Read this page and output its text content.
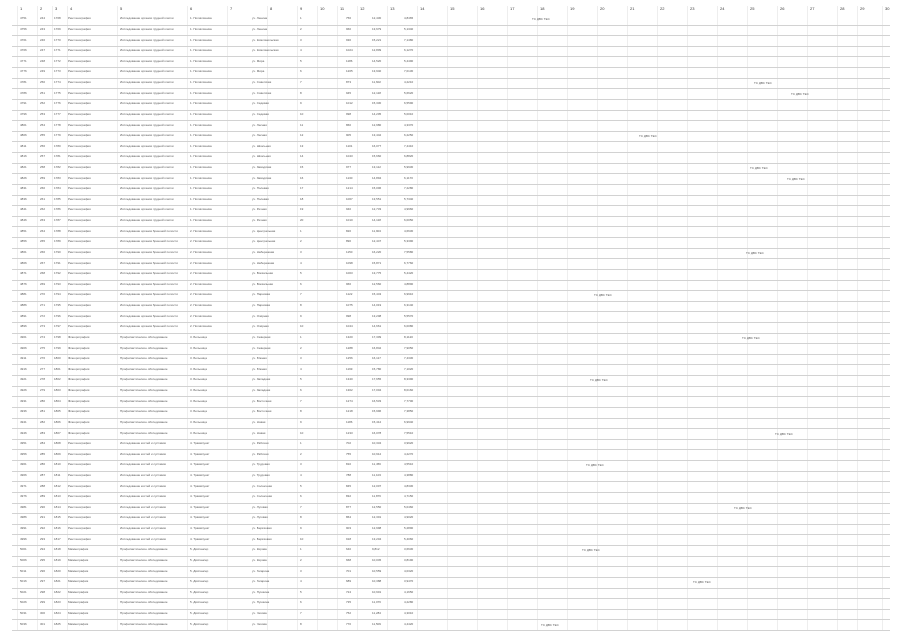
1	2	3	4	5	6	7	8	9	10	11	12	13	14	15	16	17	18	19	20	21	22	23	24	25	26	27	28	29	30
4751	244	1768 Рентгенография	Исследование органов грудной клетки	1. Поликлиника	уч. Ленина	1	756	12,430	4,8465	ТС ДВС ТЕС
4756	243	1769 Рентгенография	Исследование органов грудной клетки	1. Поликлиника	уч. Ленина	2	960	13,679	5,1340
4761	246	1770 Рентгенография	Исследование органов грудной клетки	1. Поликлиника	уч. Комсомольская	3	930	15,221	7,1480
4766	247	1771 Рентгенография	Исследование органов грудной клетки	1. Поликлиника	уч. Комсомольская	4	1024	12,809	6,1270
4771	248	1772 Рентгенография	Исследование органов грудной клетки	1. Поликлиника	уч. Мира	5	1186	14,520	5,4490
4776	249	1773 Рентгенография	Исследование органов грудной клетки	1. Поликлиника	уч. Мира	6	1205	13,940	7,0130
4781	250	1774 Рентгенография	Исследование органов грудной клетки	1. Поликлиника	уч. Советская	7	873	11,602	4,2210	ТС ДВС ТЕС
4786	251	1775 Рентгенография	Исследование органов грудной клетки	1. Поликлиника	уч. Советская	8	945	12,118	5,6620	ТС ДВС ТЕС
4791	252	1776 Рентгенография	Исследование органов грудной клетки	1. Поликлиника	уч. Садовая	9	1012	15,330	6,5590
4796	253	1777 Рентгенография	Исследование органов грудной клетки	1. Поликлиника	уч. Садовая	10	998	14,205	5,0010
4801	254	1778 Рентгенография	Исследование органов грудной клетки	1. Поликлиника	уч. Лесная	11	860	12,980	4,3370
4806	255	1779 Рентгенография	Исследование органов грудной клетки	1. Поликлиника	уч. Лесная	12	905	13,442	6,2250	ТС ДВС ТЕС
4811	256	1780 Рентгенография	Исследование органов грудной клетки	1. Поликлиника	уч. Школьная	13	1101	16,077	7,4410
4816	257	1781 Рентгенография	Исследование органов грудной клетки	1. Поликлиника	уч. Школьная	14	1043	15,660	6,8820
4821	258	1782 Рентгенография	Исследование органов грудной клетки	1. Поликлиника	уч. Заводская	15	977	13,112	5,9930	ТС ДВС ТЕС
4826	259	1783 Рентгенография	Исследование органов грудной клетки	1. Поликлиника	уч. Заводская	16	1130	14,894	6,1170	ТС ДВС ТЕС
4831	260	1784 Рентгенография	Исследование органов грудной клетки	1. Поликлиника	уч. Полевая	17	1214	15,006	7,2280
4836	261	1785 Рентгенография	Исследование органов грудной клетки	1. Поликлиника	уч. Полевая	18	1067	13,551	5,7340
4841	262	1786 Рентгенография	Исследование органов грудной клетки	1. Поликлиника	уч. Речная	19	940	12,733	4,9960
4846	263	1787 Рентгенография	Исследование органов грудной клетки	1. Поликлиника	уч. Речная	20	1010	14,118	6,0050
4851	264	1788 Рентгенография	Исследование органов брюшной полости	2. Поликлиника	уч. Центральная	1	820	11,904	4,6630
4856	265	1789 Рентгенография	Исследование органов брюшной полости	2. Поликлиника	уч. Центральная	2	890	12,447	5,3390
4861	266	1790 Рентгенография	Исследование органов брюшной полости	2. Поликлиника	уч. Набережная	3	1150	16,220	7,5580	ТС ДВС ТЕС
4866	267	1791 Рентгенография	Исследование органов брюшной полости	2. Поликлиника	уч. Набережная	4	1098	15,871	6,7760
4871	268	1792 Рентгенография	Исследование органов брюшной полости	2. Поликлиника	уч. Вокзальная	5	1003	13,775	5,4420
4876	269	1793 Рентгенография	Исследование органов брюшной полости	2. Поликлиника	уч. Вокзальная	6	966	12,560	4,8890
4881	270	1794 Рентгенография	Исследование органов брюшной полости	2. Поликлиника	уч. Парковая	7	1122	15,443	6,9910	ТС ДВС ТЕС
4886	271	1795 Рентгенография	Исследование органов брюшной полости	2. Поликлиника	уч. Парковая	8	1075	14,019	6,3140
4891	272	1796 Рентгенография	Исследование органов брюшной полости	2. Поликлиника	уч. Озёрная	9	998	13,208	5,5570
4896	273	1797 Рентгенография	Исследование органов брюшной полости	2. Поликлиника	уч. Озёрная	10	1044	14,661	6,0080
4901	274	1798 Флюорография	Профилактическое обследование	3. Больница	уч. Северная	1	1320	17,309	8,1120	ТС ДВС ТЕС
4906	275	1799 Флюорография	Профилактическое обследование	3. Больница	уч. Северная	2	1288	16,842	7,9050
4911	276	1800 Флюорография	Профилактическое обследование	3. Больница	уч. Южная	3	1256	16,117	7,4330
4916	277	1801 Флюорография	Профилактическое обследование	3. Больница	уч. Южная	4	1199	15,780	7,1020
4921	278	1802 Флюорография	Профилактическое обследование	3. Больница	уч. Западная	5	1340	17,655	8,3390	ТС ДВС ТЕС
4926	279	1803 Флюорография	Профилактическое обследование	3. Больница	уч. Западная	6	1302	17,004	8,0160
4931	280	1804 Флюорография	Профилактическое обследование	3. Больница	уч. Восточная	7	1274	16,533	7,7700
4936	281	1805 Флюорография	Профилактическое обследование	3. Больница	уч. Восточная	8	1218	15,996	7,3850
4941	282	1806 Флюорография	Профилактическое обследование	3. Больница	уч. Новая	9	1186	15,412	6,9940
4946	283	1807 Флюорография	Профилактическое обследование	3. Больница	уч. Новая	10	1233	16,078	7,5510	ТС ДВС ТЕС
4951	284	1808 Рентгенография	Исследование костей и суставов	4. Травмпункт	уч. Рабочая	1	702	10,334	3,9920
4956	285	1809 Рентгенография	Исследование костей и суставов	4. Травмпункт	уч. Рабочая	2	755	10,912	4,2270
4961	286	1810 Рентгенография	Исследование костей и суставов	4. Травмпункт	уч. Трудовая	3	810	11,456	4,5510	ТС ДВС ТЕС
4966	287	1811	Рентгенография	Исследование костей и суставов	4. Травмпункт	уч. Трудовая	4	788	11,103	4,3880
4971	288	1812 Рентгенография	Исследование костей и суставов	4. Травмпункт	уч. Солнечная	5	845	12,007	4,8330
4976	289	1813 Рентгенография	Исследование костей и суставов	4. Травмпункт	уч. Солнечная	6	832	11,876	4,7150
4981	290	1814 Рентгенография	Исследование костей и суставов	4. Травмпункт	уч. Луговая	7	877	12,550	5,0460	ТС ДВС ТЕС
4986	291	1815 Рентгенография	Исследование костей и суставов	4. Травмпункт	уч. Луговая	8	864	12,301	4,9020
4991	292	1816 Рентгенография	Исследование костей и суставов	4. Травмпункт	уч. Берёзовая	9	903	12,998	5,2890
4996	293	1817 Рентгенография	Исследование костей и суставов	4. Травмпункт	уч. Берёзовая	10	918	13,204	5,4060
5001	294	1818 Маммография	Профилактическое обследование	5. Диспансер	уч. Кирова	1	640	9,812	3,6630	ТС ДВС ТЕС
5006	295	1819 Маммография	Профилактическое обследование	5. Диспансер	уч. Кирова	2	668	10,045	3,8190
5011	296	1820 Маммография	Профилактическое обследование	5. Диспансер	уч. Гагарина	3	701	10,559	4,0320
5016	297	1821 Маммография	Профилактическое обследование	5. Диспансер	уч. Гагарина	4	689	10,388	3,9470	ТС ДВС ТЕС
5021	298	1822 Маммография	Профилактическое обследование	5. Диспансер	уч. Пушкина	5	724	10,901	4,1650
5026	299	1823 Маммография	Профилактическое обследование	5. Диспансер	уч. Пушкина	6	735	11,076	4,2280
5031	300	1824 Маммография	Профилактическое обследование	5. Диспансер	уч. Чехова	7	752	11,284	4,3010
5036	301	1825 Маммография	Профилактическое обследование	5. Диспансер	уч. Чехова	8	770	11,509	4,4420	ТС ДВС ТЕС
